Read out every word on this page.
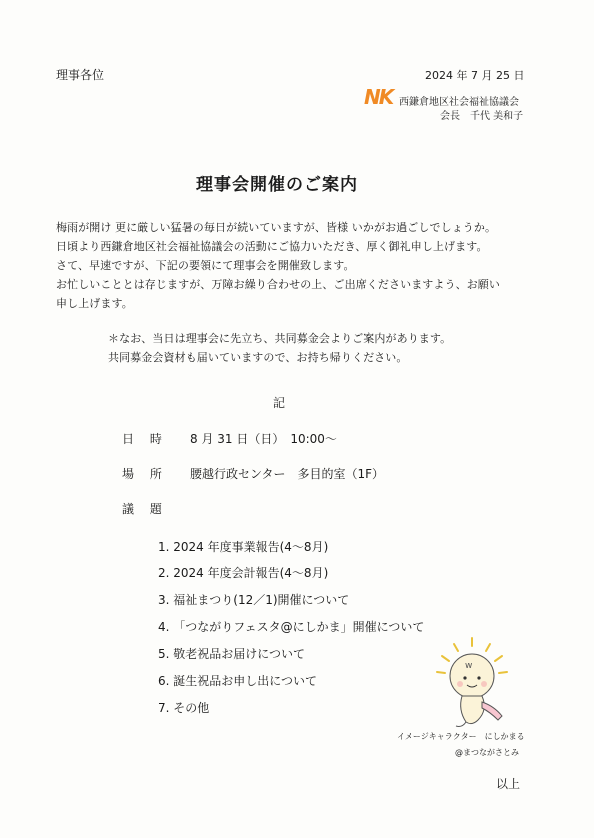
理事各位	2024 年 7 月 25 日
NK 西鎌倉地区社会福祉協議会
会長　千代 美和子
理事会開催のご案内
梅雨が開け 更に厳しい猛暑の毎日が続いていますが、皆様 いかがお過ごしでしょうか。
日頃より西鎌倉地区社会福祉協議会の活動にご協力いただき、厚く御礼申し上げます。
さて、早速ですが、下記の要領にて理事会を開催致します。
お忙しいこととは存じますが、万障お繰り合わせの上、ご出席くださいますよう、お願い
申し上げます。
＊なお、当日は理事会に先立ち、共同募金会よりご案内があります。
共同募金会資材も届いていますので、お持ち帰りください。
記
日 時 8 月 31 日（日）　10:00～
場 所 腰越行政センター　多目的室（1F）
議 題
1. 2024 年度事業報告(4～8月)
2. 2024 年度会計報告(4～8月)
3. 福祉まつり(12／1)開催について
4. 「つながりフェスタ@にしかま」開催について
5. 敬老祝品お届けについて
6. 誕生祝品お申し出について
7. その他
w
イメージキャラクター　にしかまる
@まつながさとみ
以上
